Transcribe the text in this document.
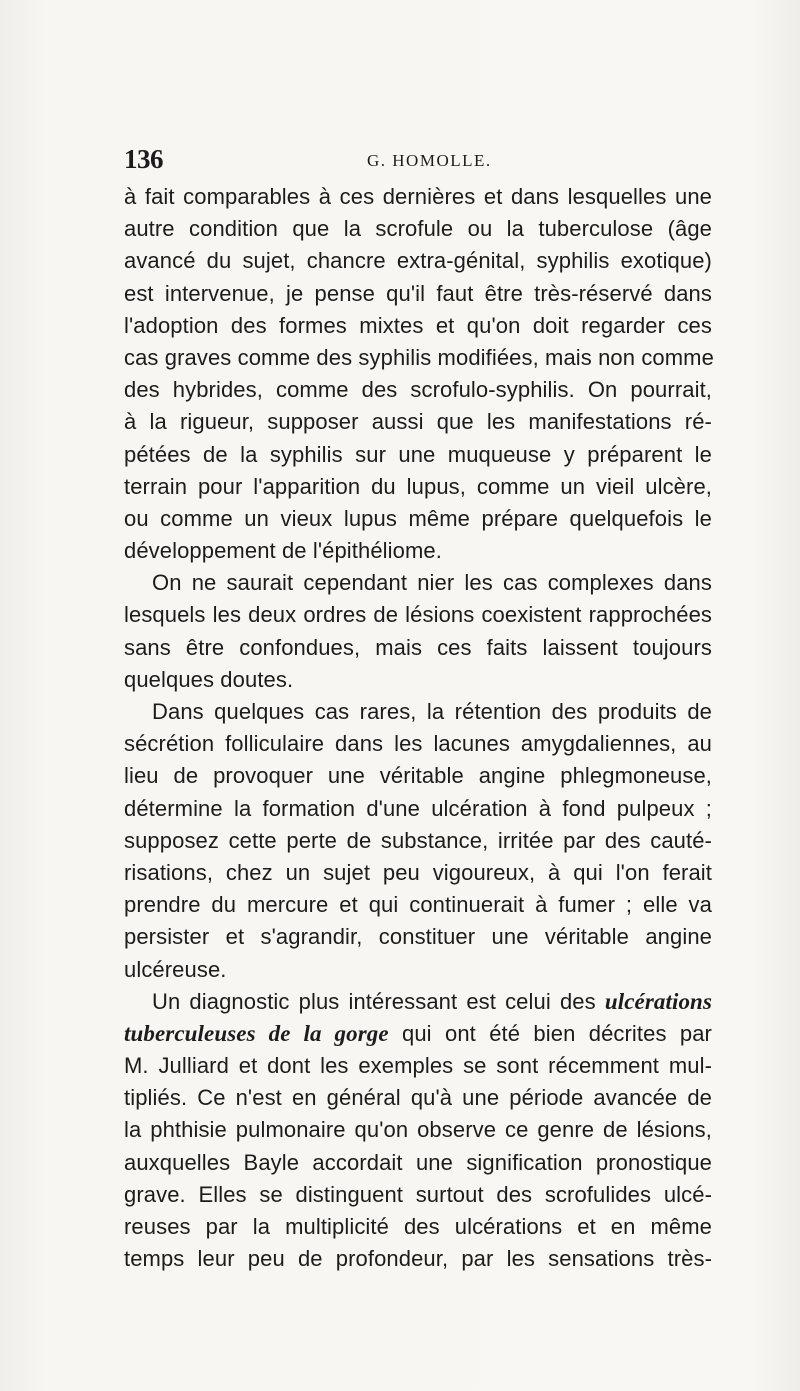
136	G. HOMOLLE.
à fait comparables à ces dernières et dans lesquelles une
autre condition que la scrofule ou la tuberculose (âge
avancé du sujet, chancre extra-génital, syphilis exotique)
est intervenue, je pense qu'il faut être très-réservé dans
l'adoption des formes mixtes et qu'on doit regarder ces
cas graves comme des syphilis modifiées, mais non comme
des hybrides, comme des scrofulo-syphilis. On pourrait,
à la rigueur, supposer aussi que les manifestations ré-
pétées de la syphilis sur une muqueuse y préparent le
terrain pour l'apparition du lupus, comme un vieil ulcère,
ou comme un vieux lupus même prépare quelquefois le
développement de l'épithéliome.
On ne saurait cependant nier les cas complexes dans
lesquels les deux ordres de lésions coexistent rapprochées
sans être confondues, mais ces faits laissent toujours
quelques doutes.
Dans quelques cas rares, la rétention des produits de
sécrétion folliculaire dans les lacunes amygdaliennes, au
lieu de provoquer une véritable angine phlegmoneuse,
détermine la formation d'une ulcération à fond pulpeux ;
supposez cette perte de substance, irritée par des cauté-
risations, chez un sujet peu vigoureux, à qui l'on ferait
prendre du mercure et qui continuerait à fumer ; elle va
persister et s'agrandir, constituer une véritable angine
ulcéreuse.
Un diagnostic plus intéressant est celui des ulcérations
tuberculeuses de la gorge qui ont été bien décrites par
M. Julliard et dont les exemples se sont récemment mul-
tipliés. Ce n'est en général qu'à une période avancée de
la phthisie pulmonaire qu'on observe ce genre de lésions,
auxquelles Bayle accordait une signification pronostique
grave. Elles se distinguent surtout des scrofulides ulcé-
reuses par la multiplicité des ulcérations et en même
temps leur peu de profondeur, par les sensations très-
